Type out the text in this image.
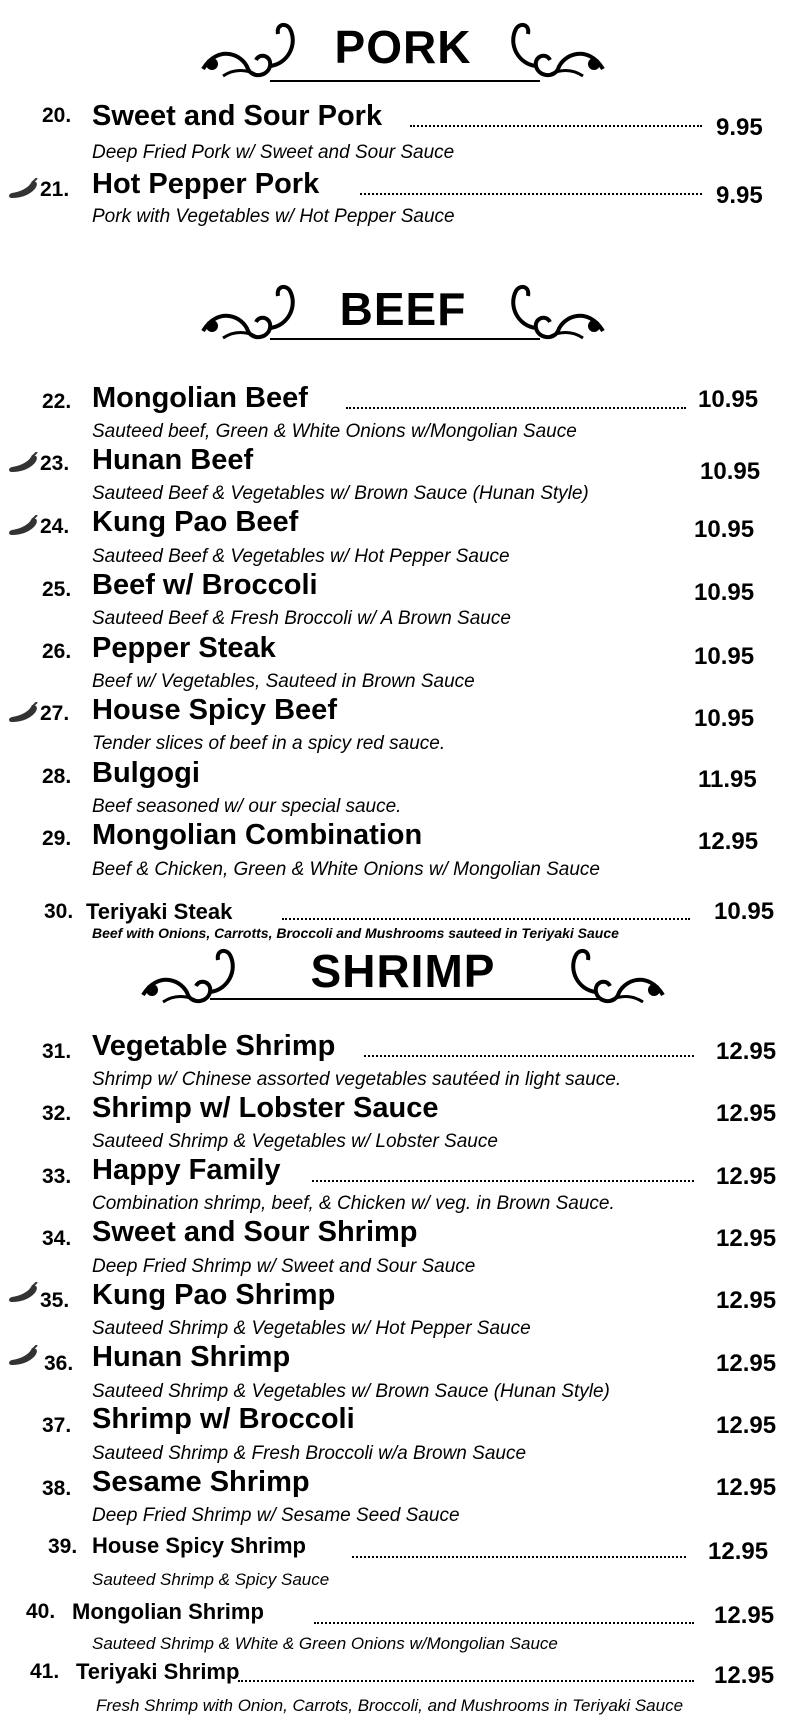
PORK
20. Sweet and Sour Pork	9.95
Deep Fried Pork w/ Sweet and Sour Sauce
21. Hot Pepper Pork	9.95
Pork with Vegetables w/ Hot Pepper Sauce
BEEF
22. Mongolian Beef	10.95
Sauteed beef, Green & White Onions w/Mongolian Sauce
23. Hunan Beef	10.95
Sauteed Beef & Vegetables w/ Brown Sauce (Hunan Style)
24. Kung Pao Beef	10.95
Sauteed Beef & Vegetables w/ Hot Pepper Sauce
25. Beef w/ Broccoli	10.95
Sauteed Beef & Fresh Broccoli w/ A Brown Sauce
26. Pepper Steak	10.95
Beef w/ Vegetables, Sauteed in Brown Sauce
27. House Spicy Beef	10.95
Tender slices of beef in a spicy red sauce.
28. Bulgogi	11.95
Beef seasoned w/ our special sauce.
29. Mongolian Combination	12.95
Beef & Chicken, Green & White Onions w/ Mongolian Sauce
30. Teriyaki Steak	10.95
Beef with Onions, Carrotts, Broccoli and Mushrooms sauteed in Teriyaki Sauce
SHRIMP
31. Vegetable Shrimp	12.95
Shrimp w/ Chinese assorted vegetables sautéed in light sauce.
32. Shrimp w/ Lobster Sauce	12.95
Sauteed Shrimp & Vegetables w/ Lobster Sauce
33. Happy Family	12.95
Combination shrimp, beef, & Chicken w/ veg. in Brown Sauce.
34. Sweet and Sour Shrimp	12.95
Deep Fried Shrimp w/ Sweet and Sour Sauce
35. Kung Pao Shrimp	12.95
Sauteed Shrimp & Vegetables w/ Hot Pepper Sauce
36. Hunan Shrimp	12.95
Sauteed Shrimp & Vegetables w/ Brown Sauce (Hunan Style)
37. Shrimp w/ Broccoli	12.95
Sauteed Shrimp & Fresh Broccoli w/a Brown Sauce
38. Sesame Shrimp	12.95
Deep Fried Shrimp w/ Sesame Seed Sauce
39. House Spicy Shrimp	12.95
Sauteed Shrimp & Spicy Sauce
40. Mongolian Shrimp	12.95
Sauteed Shrimp & White & Green Onions w/Mongolian Sauce
41. Teriyaki Shrimp	12.95
Fresh Shrimp with Onion, Carrots, Broccoli, and Mushrooms in Teriyaki Sauce
